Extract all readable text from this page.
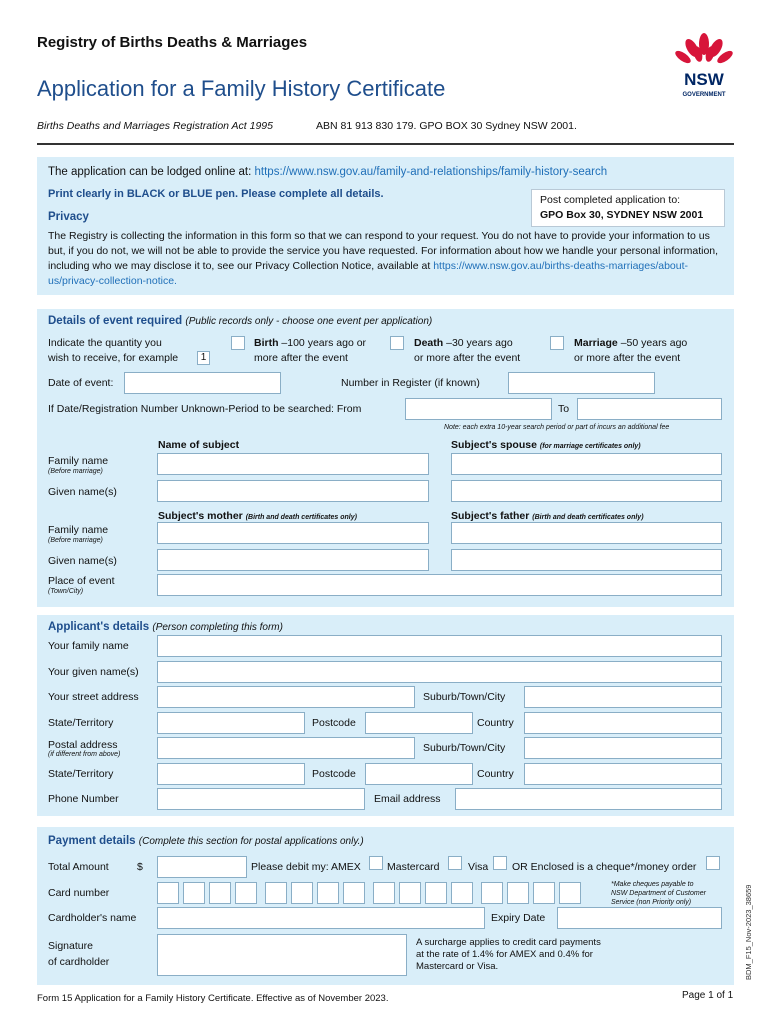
Registry of Births Deaths & Marriages
Application for a Family History Certificate	NSW
GOVERNMENT
Births Deaths and Marriages Registration Act 1995	ABN 81 913 830 179. GPO BOX 30 Sydney NSW 2001.
The application can be lodged online at: https://www.nsw.gov.au/family-and-relationships/family-history-search
Print clearly in BLACK or BLUE pen. Please complete all details.	Post completed application to:
GPO Box 30, SYDNEY NSW 2001
Privacy
The Registry is collecting the information in this form so that we can respond to your request. You do not have to provide your information to us but, if you do not, we will not be able to provide the service you have requested. For information about how we handle your personal information, including who we may disclose it to, see our Privacy Collection Notice, available at https://www.nsw.gov.au/births-deaths-marriages/about-us/privacy-collection-notice.
Details of event required (Public records only - choose one event per application)
Indicate the quantity you
wish to receive, for example	1
Birth –100 years ago or
more after the event
Death –30 years ago
or more after the event
Marriage –50 years ago
or more after the event
Date of event:	Number in Register (if known)
If Date/Registration Number Unknown-Period to be searched: From	To
Note: each extra 10-year search period or part of incurs an additional fee
Name of subject	Subject's spouse (for marriage certificates only)
Family name
(Before marriage)
Given name(s)
Subject's mother (Birth and death certificates only)	Subject's father (Birth and death certificates only)
Family name
(Before marriage)
Given name(s)
Place of event
(Town/City)
Applicant's details (Person completing this form)
Your family name
Your given name(s)
Your street address	Suburb/Town/City
State/Territory	Postcode	Country
Postal address
(if different from above)
Suburb/Town/City
State/Territory	Postcode	Country
Phone Number	Email address
Payment details (Complete this section for postal applications only.)
Total Amount	$	Please debit my: AMEX	Mastercard	Visa OR Enclosed is a cheque*/money order
Card number
*Make cheques payable to
NSW Department of Customer
Service (non Priority only)
Cardholder's name	Expiry Date
Signature
of cardholder
A surcharge applies to credit card payments
at the rate of 1.4% for AMEX and 0.4% for
Mastercard or Visa.
Form 15 Application for a Family History Certificate. Effective as of November 2023.	Page 1 of 1
BDM_F15_Nov-2023_38659
